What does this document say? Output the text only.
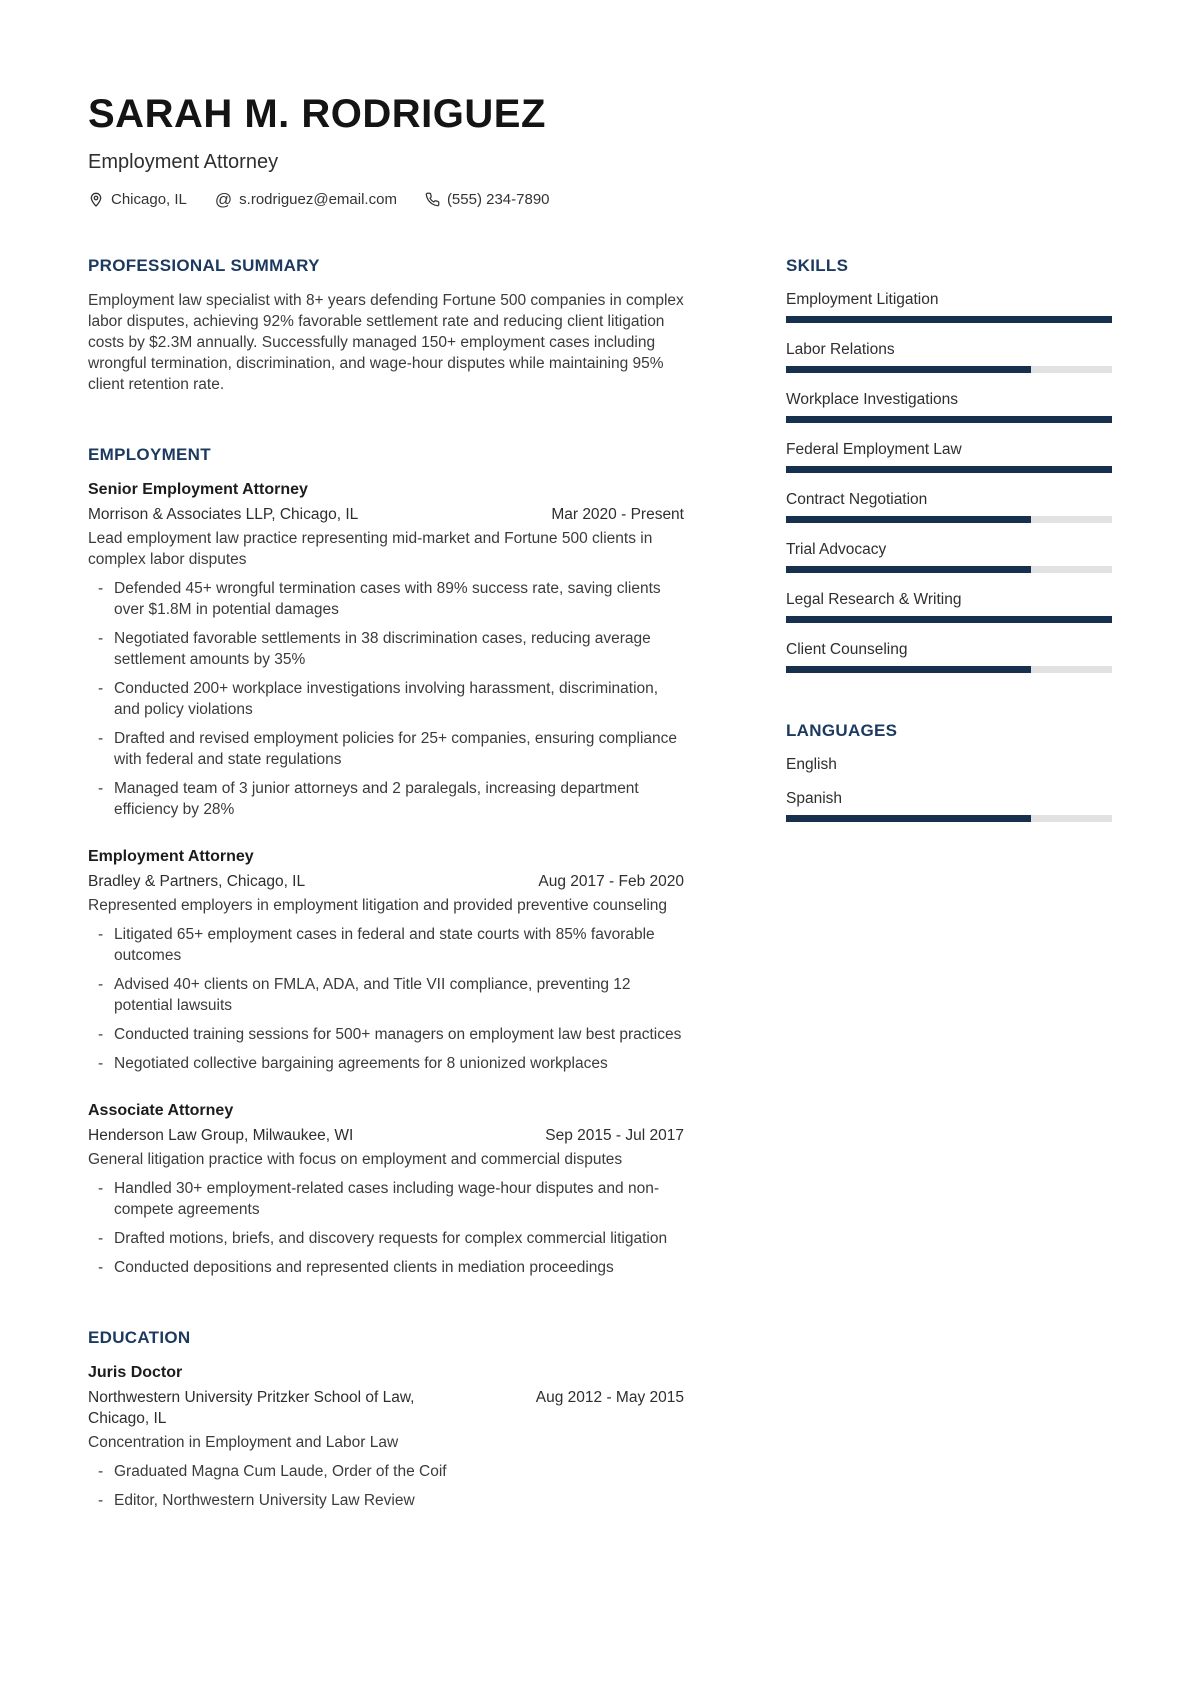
SARAH M. RODRIGUEZ
Employment Attorney
Chicago, IL @ s.rodriguez@email.com	(555) 234-7890
PROFESSIONAL SUMMARY
Employment law specialist with 8+ years defending Fortune 500 companies in complex labor disputes, achieving 92% favorable settlement rate and reducing client litigation costs by $2.3M annually. Successfully managed 150+ employment cases including wrongful termination, discrimination, and wage-hour disputes while maintaining 95% client retention rate.
EMPLOYMENT
Senior Employment Attorney
Morrison & Associates LLP, Chicago, IL	Mar 2020 - Present
Lead employment law practice representing mid-market and Fortune 500 clients in complex labor disputes
- Defended 45+ wrongful termination cases with 89% success rate, saving clients over $1.8M in potential damages
- Negotiated favorable settlements in 38 discrimination cases, reducing average settlement amounts by 35%
- Conducted 200+ workplace investigations involving harassment, discrimination, and policy violations
- Drafted and revised employment policies for 25+ companies, ensuring compliance with federal and state regulations
- Managed team of 3 junior attorneys and 2 paralegals, increasing department efficiency by 28%
Employment Attorney
Bradley & Partners, Chicago, IL	Aug 2017 - Feb 2020
Represented employers in employment litigation and provided preventive counseling
- Litigated 65+ employment cases in federal and state courts with 85% favorable outcomes
- Advised 40+ clients on FMLA, ADA, and Title VII compliance, preventing 12 potential lawsuits
- Conducted training sessions for 500+ managers on employment law best practices
- Negotiated collective bargaining agreements for 8 unionized workplaces
Associate Attorney
Henderson Law Group, Milwaukee, WI	Sep 2015 - Jul 2017
General litigation practice with focus on employment and commercial disputes
- Handled 30+ employment-related cases including wage-hour disputes and non-compete agreements
- Drafted motions, briefs, and discovery requests for complex commercial litigation
- Conducted depositions and represented clients in mediation proceedings
EDUCATION
Juris Doctor
Northwestern University Pritzker School of Law, Chicago, IL
Aug 2012 - May 2015
Concentration in Employment and Labor Law
- Graduated Magna Cum Laude, Order of the Coif
- Editor, Northwestern University Law Review
SKILLS
Employment Litigation
Labor Relations
Workplace Investigations
Federal Employment Law
Contract Negotiation
Trial Advocacy
Legal Research & Writing
Client Counseling
LANGUAGES
English
Spanish
